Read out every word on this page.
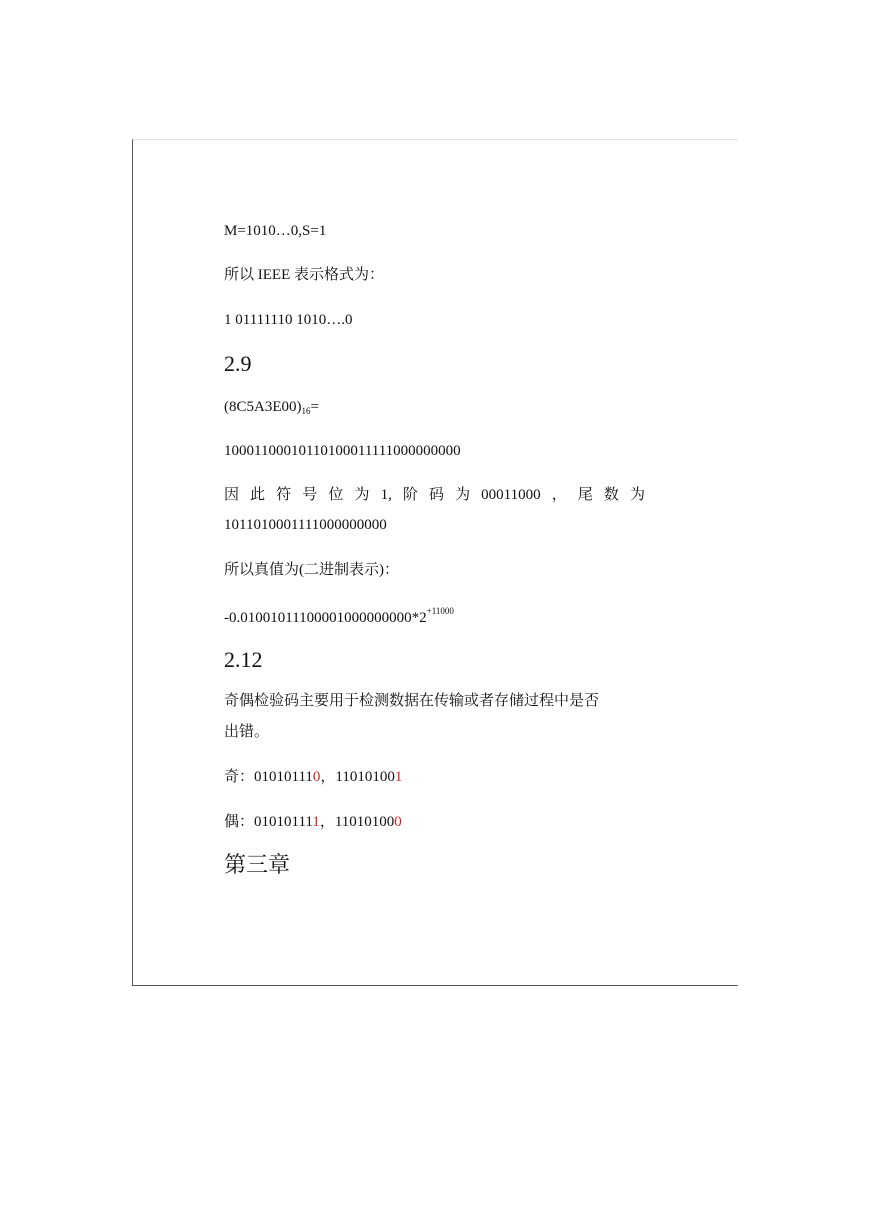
M=1010…0,S=1
所以 IEEE 表示格式为：
1 01111110 1010….0
2.9
$(8C5A3E00)_{16}=$
10001100010110100011111000000000
因 此 符 号 位 为 1, 阶 码 为 00011000 ， 尾 数 为
1011010001111000000000
所以真值为(二进制表示)：
$-0.01001011100001000000000*2^{+11000}$
2.12
奇偶检验码主要用于检测数据在传输或者存储过程中是否
出错。
奇：010101110，110101001
偶：010101111，110101000
第三章
